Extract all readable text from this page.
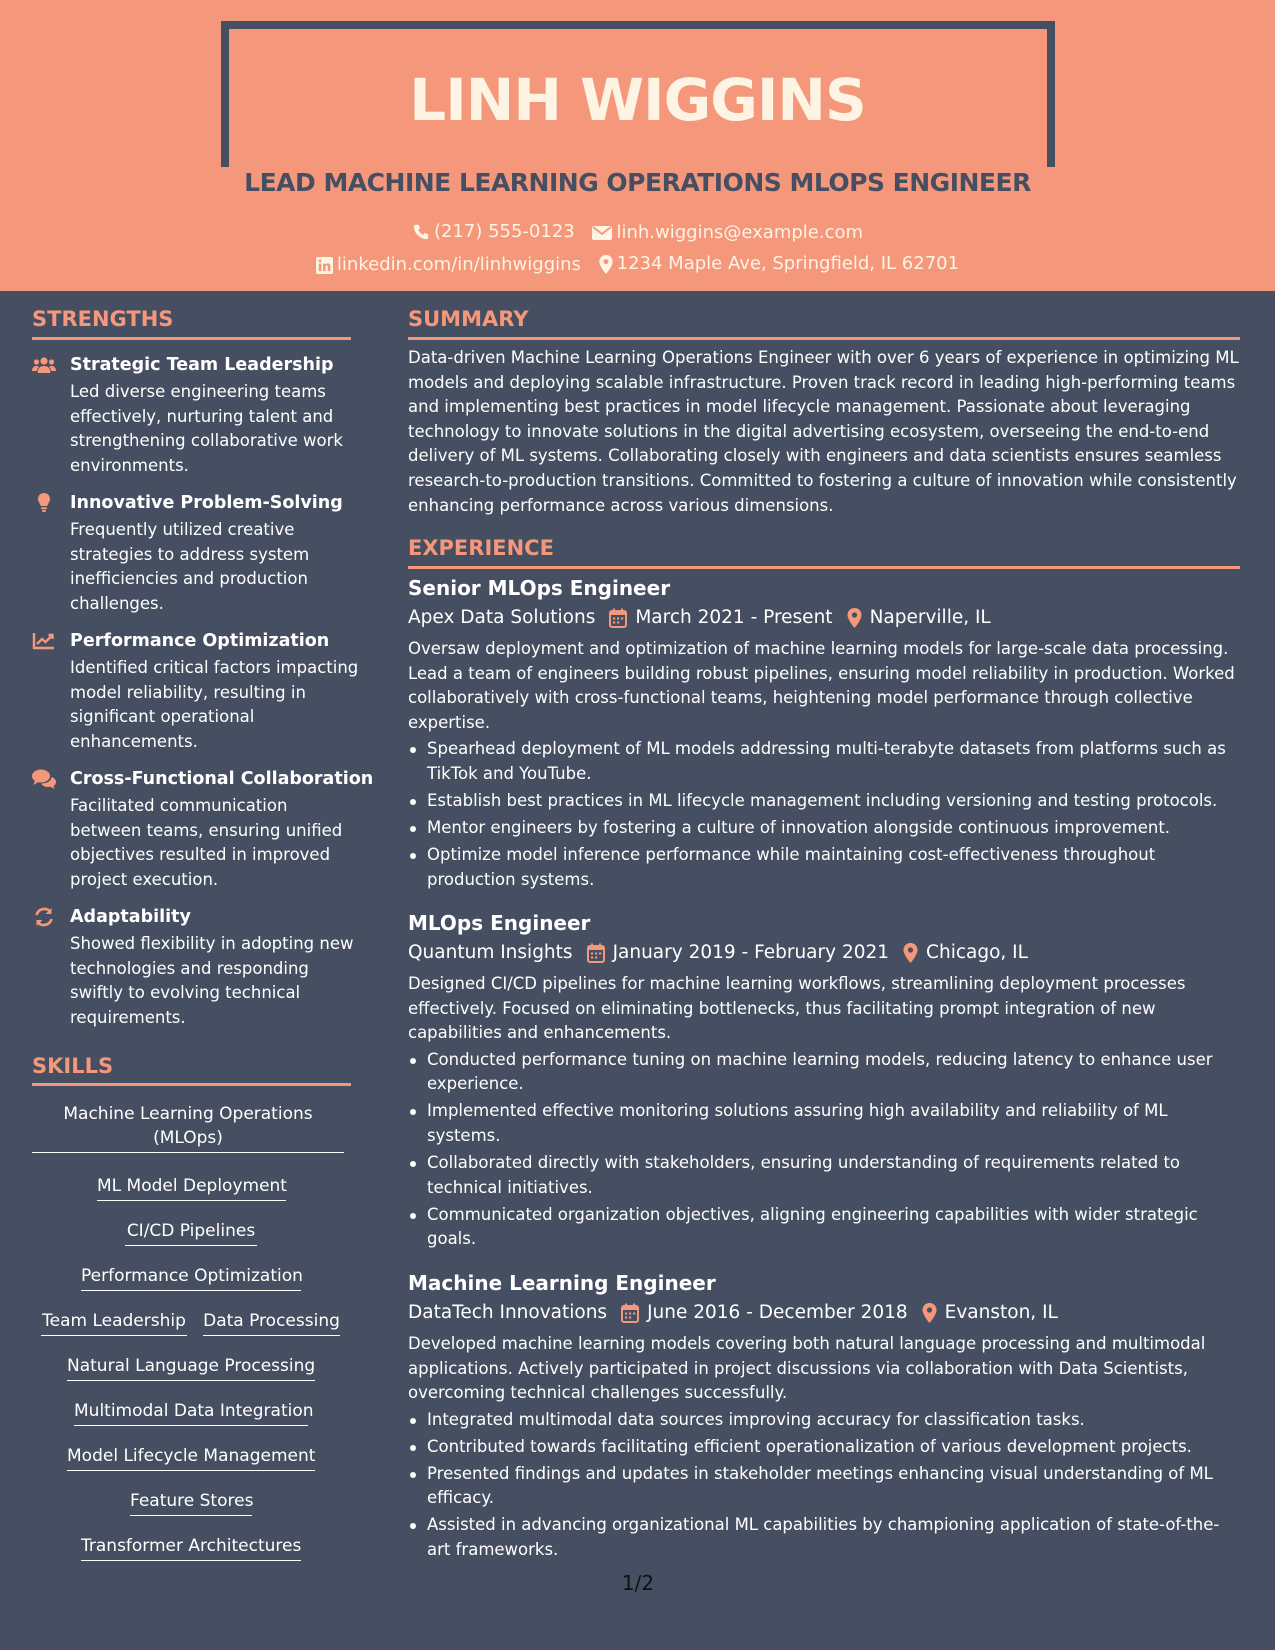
LINH WIGGINS
LEAD MACHINE LEARNING OPERATIONS MLOPS ENGINEER
(217) 555-0123
linh.wiggins@example.com
linkedin.com/in/linhwiggins
1234 Maple Ave, Springfield, IL 62701
STRENGTHS
Strategic Team Leadership
Led diverse engineering teams effectively, nurturing talent and strengthening collaborative work environments.
Innovative Problem-Solving
Frequently utilized creative strategies to address system inefficiencies and production challenges.
Performance Optimization
Identified critical factors impacting model reliability, resulting in significant operational enhancements.
Cross-Functional Collaboration
Facilitated communication between teams, ensuring unified objectives resulted in improved project execution.
Adaptability
Showed flexibility in adopting new technologies and responding swiftly to evolving technical requirements.
SKILLS
Machine Learning Operations (MLOps)
ML Model Deployment
CI/CD Pipelines
Performance Optimization
Team Leadership Data Processing
Natural Language Processing
Multimodal Data Integration
Model Lifecycle Management
Feature Stores
Transformer Architectures
SUMMARY
Data-driven Machine Learning Operations Engineer with over 6 years of experience in optimizing ML models and deploying scalable infrastructure. Proven track record in leading high-performing teams and implementing best practices in model lifecycle management. Passionate about leveraging technology to innovate solutions in the digital advertising ecosystem, overseeing the end-to-end delivery of ML systems. Collaborating closely with engineers and data scientists ensures seamless research-to-production transitions. Committed to fostering a culture of innovation while consistently enhancing performance across various dimensions.
EXPERIENCE
Senior MLOps Engineer
Apex Data Solutions March 2021 - Present Naperville, IL
Oversaw deployment and optimization of machine learning models for large-scale data processing. Lead a team of engineers building robust pipelines, ensuring model reliability in production. Worked collaboratively with cross-functional teams, heightening model performance through collective expertise.
Spearhead deployment of ML models addressing multi-terabyte datasets from platforms such as TikTok and YouTube.
Establish best practices in ML lifecycle management including versioning and testing protocols.
Mentor engineers by fostering a culture of innovation alongside continuous improvement.
Optimize model inference performance while maintaining cost-effectiveness throughout production systems.
MLOps Engineer
Quantum Insights January 2019 - February 2021 Chicago, IL
Designed CI/CD pipelines for machine learning workflows, streamlining deployment processes effectively. Focused on eliminating bottlenecks, thus facilitating prompt integration of new capabilities and enhancements.
Conducted performance tuning on machine learning models, reducing latency to enhance user experience.
Implemented effective monitoring solutions assuring high availability and reliability of ML systems.
Collaborated directly with stakeholders, ensuring understanding of requirements related to technical initiatives.
Communicated organization objectives, aligning engineering capabilities with wider strategic goals.
Machine Learning Engineer
DataTech Innovations June 2016 - December 2018 Evanston, IL
Developed machine learning models covering both natural language processing and multimodal applications. Actively participated in project discussions via collaboration with Data Scientists, overcoming technical challenges successfully.
Integrated multimodal data sources improving accuracy for classification tasks.
Contributed towards facilitating efficient operationalization of various development projects.
Presented findings and updates in stakeholder meetings enhancing visual understanding of ML efficacy.
Assisted in advancing organizational ML capabilities by championing application of state-of-the-art frameworks.
1/2
